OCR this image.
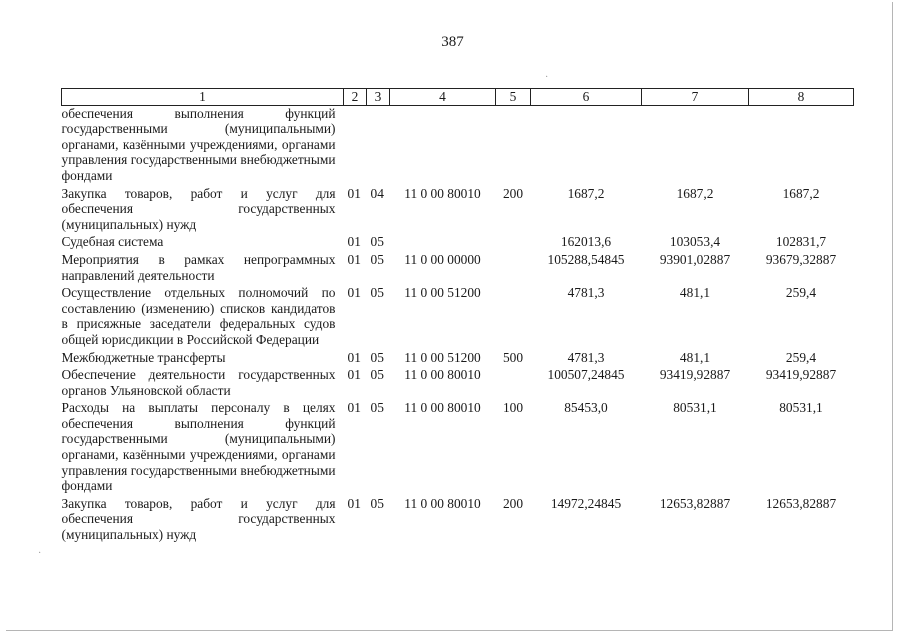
387
1	2	3	4	5	6	7	8
обеспечения выполнения функций государственными (муниципальными) органами, казёнными учреждениями, органами управления государственными внебюджетными фондами							
Закупка товаров, работ и услуг для обеспечения государственных (муниципальных) нужд	01	04	11 0 00 80010	200	1687,2	1687,2	1687,2
Судебная система	01	05			162013,6	103053,4	102831,7
Мероприятия в рамках непрограммных направлений деятельности	01	05	11 0 00 00000		105288,54845	93901,02887	93679,32887
Осуществление отдельных полномочий по составлению (изменению) списков кандидатов в присяжные заседатели федеральных судов общей юрисдикции в Российской Федерации	01	05	11 0 00 51200		4781,3	481,1	259,4
Межбюджетные трансферты	01	05	11 0 00 51200	500	4781,3	481,1	259,4
Обеспечение деятельности государственных органов Ульяновской области	01	05	11 0 00 80010		100507,24845	93419,92887	93419,92887
Расходы на выплаты персоналу в целях обеспечения выполнения функций государственными (муниципальными) органами, казёнными учреждениями, органами управления государственными внебюджетными фондами	01	05	11 0 00 80010	100	85453,0	80531,1	80531,1
Закупка товаров, работ и услуг для обеспечения государственных (муниципальных) нужд	01	05	11 0 00 80010	200	14972,24845	12653,82887	12653,82887
·
·
